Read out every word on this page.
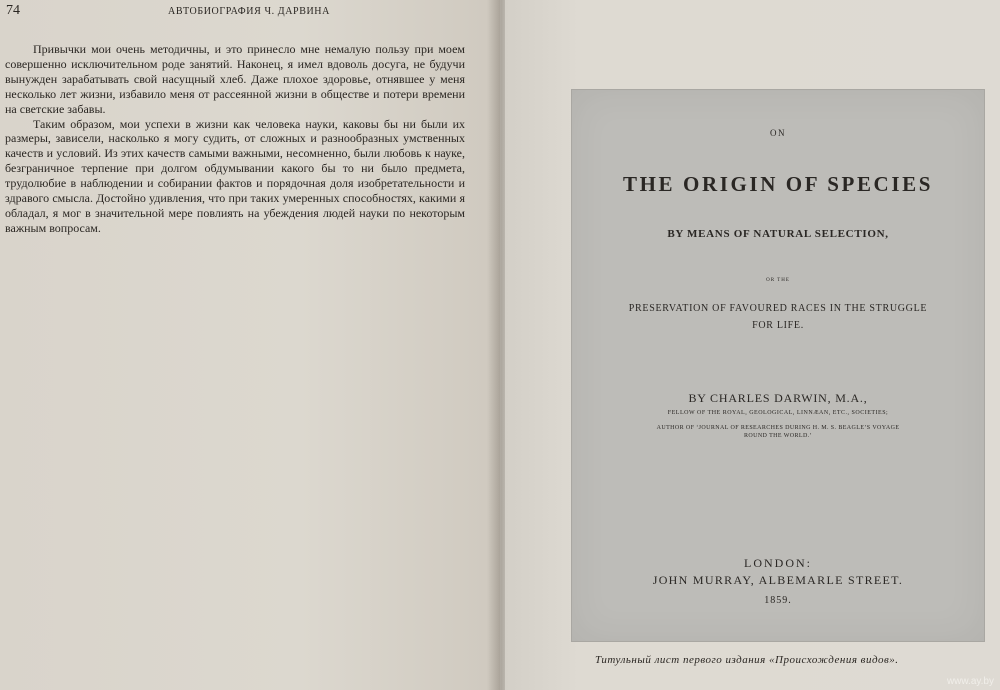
74	АВТОБИОГРАФИЯ Ч. ДАРВИНА

Привычки мои очень методичны, и это принесло мне немалую пользу при моем совершенно исключительном роде занятий. Наконец, я имел вдоволь досуга, не будучи вынужден зарабатывать свой насущный хлеб. Даже плохое здоровье, отнявшее у меня несколько лет жизни, избавило меня от рассеянной жизни в обществе и потери времени на светские забавы.

Таким образом, мои успехи в жизни как человека науки, каковы бы ни были их размеры, зависели, насколько я могу судить, от сложных и разнообразных умственных качеств и условий. Из этих качеств самыми важными, несомненно, были любовь к науке, безграничное терпение при долгом обдумывании какого бы то ни было предмета, трудолюбие в наблюдении и собирании фактов и порядочная доля изобретательности и здравого смысла. Достойно удивления, что при таких умеренных способностях, какими я обладал, я мог в значительной мере повлиять на убеждения людей науки по некоторым важным вопросам.

ON
THE ORIGIN OF SPECIES
BY MEANS OF NATURAL SELECTION,
OR THE
PRESERVATION OF FAVOURED RACES IN THE STRUGGLE
FOR LIFE.
BY CHARLES DARWIN, M.A.,
FELLOW OF THE ROYAL, GEOLOGICAL, LINNÆAN, ETC., SOCIETIES;
AUTHOR OF ‘JOURNAL OF RESEARCHES DURING H. M. S. BEAGLE’S VOYAGE
ROUND THE WORLD.’
LONDON:
JOHN MURRAY, ALBEMARLE STREET.
1859.
Титульный лист первого издания «Происхождения видов».
www.ay.by
